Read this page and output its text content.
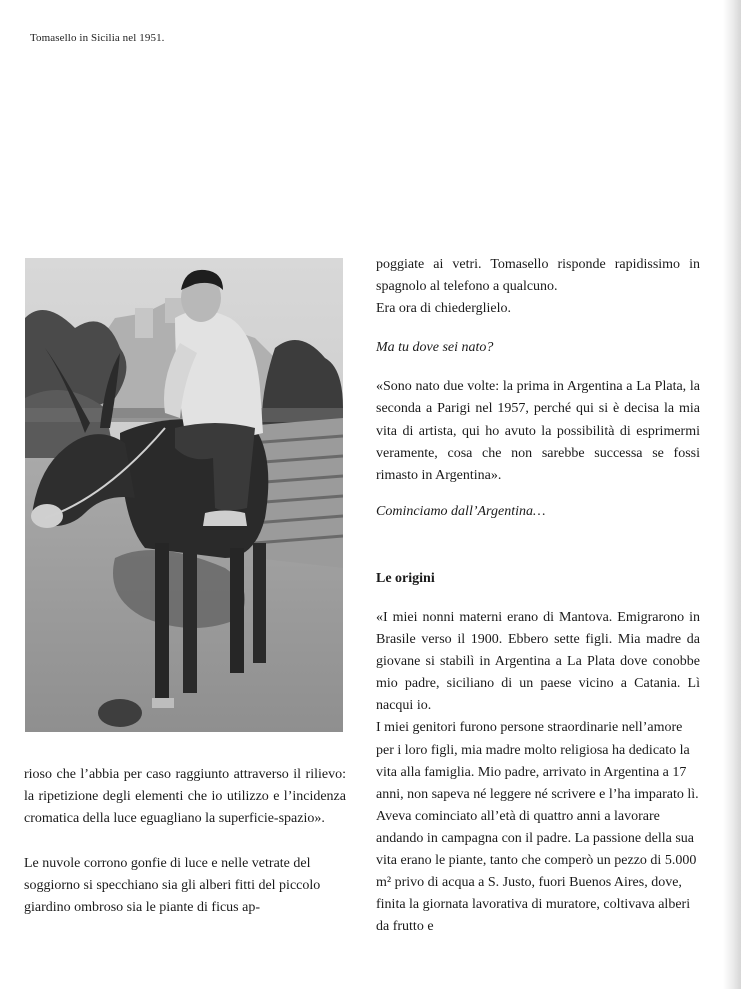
Tomasello in Sicilia nel 1951.

rioso che l’abbia per caso raggiunto attraverso il rilievo: la ripetizione degli elementi che io utilizzo e l’incidenza cromatica della luce eguagliano la superficie-spazio».

Le nuvole corrono gonfie di luce e nelle vetrate del soggiorno si specchiano sia gli alberi fitti del piccolo giardino ombroso sia le piante di ficus ap-

poggiate ai vetri. Tomasello risponde rapidissimo in spagnolo al telefono a qualcuno.

Era ora di chiederglielo.

Ma tu dove sei nato?

«Sono nato due volte: la prima in Argentina a La Plata, la seconda a Parigi nel 1957, perché qui si è decisa la mia vita di artista, qui ho avuto la possibilità di esprimermi veramente, cosa che non sarebbe successa se fossi rimasto in Argentina».

Cominciamo dall’Argentina…

Le origini

«I miei nonni materni erano di Mantova. Emigrarono in Brasile verso il 1900. Ebbero sette figli. Mia madre da giovane si stabilì in Argentina a La Plata dove conobbe mio padre, siciliano di un paese vicino a Catania. Lì nacqui io.

I miei genitori furono persone straordinarie nell’amore per i loro figli, mia madre molto religiosa ha dedicato la vita alla famiglia. Mio padre, arrivato in Argentina a 17 anni, non sapeva né leggere né scrivere e l’ha imparato lì. Aveva cominciato all’età di quattro anni a lavorare andando in campagna con il padre. La passione della sua vita erano le piante, tanto che comperò un pezzo di 5.000 m² privo di acqua a S. Justo, fuori Buenos Aires, dove, finita la giornata lavorativa di muratore, coltivava alberi da frutto e
